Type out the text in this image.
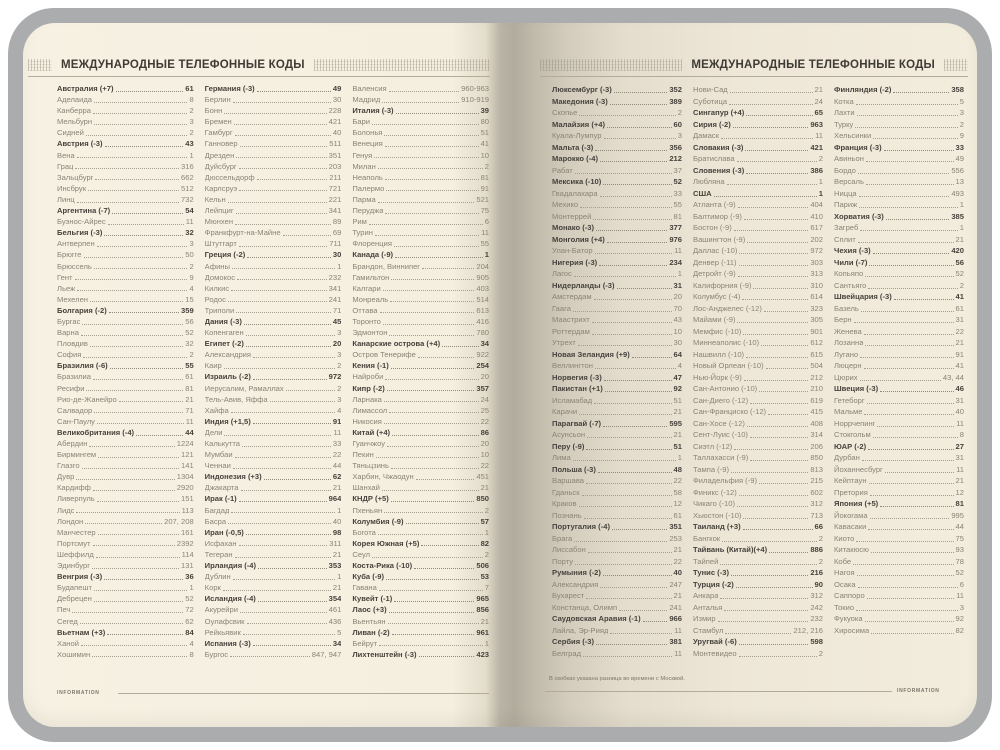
МЕЖДУНАРОДНЫЕ ТЕЛЕФОННЫЕ КОДЫ	МЕЖДУНАРОДНЫЕ ТЕЛЕФОННЫЕ КОДЫ
Австралия (+7)	61
Аделаида	8
Канберра	2
Мельбурн	3
Сидней	2
Австрия (-3)	43
Вена	1
Грац	316
Зальцбург	662
Инсбрук	512
Линц	732
Аргентина (-7)	54
Буэнос-Айрес	11
Бельгия (-3)	32
Антверпен	3
Брюгге	50
Брюссель	2
Гент	9
Льеж	4
Мехелен	15
Болгария (-2)	359
Бургас	56
Варна	52
Пловдив	32
София	2
Бразилия (-6)	55
Бразилиа	61
Ресифи	81
Рио-де-Жанейро	21
Салвадор	71
Сан-Паулу	11
Великобритания (-4)	44
Абердин	1224
Бирмингем	121
Глазго	141
Дувр	1304
Кардифф	2920
Ливерпуль	151
Лидс	113
Лондон	207, 208
Манчестер	161
Портсмут	2392
Шеффилд	114
Эдинбург	131
Венгрия (-3)	36
Будапешт	1
Дебрецен	52
Печ	72
Сегед	62
Вьетнам (+3)	84
Ханой	4
Хошимин	8
Германия (-3)	49
Берлин	30
Бонн	228
Бремен	421
Гамбург	40
Ганновер	511
Дрезден	351
Дуйсбург	203
Дюссельдорф	211
Карлсруэ	721
Кельн	221
Лейпциг	341
Мюнхен	89
Франкфурт-на-Майне	69
Штутгарт	711
Греция (-2)	30
Афины	1
Домокос	232
Килкис	341
Родос	241
Триполи	71
Дания (-3)	45
Копенгаген	3
Египет (-2)	20
Александрия	3
Каир	2
Израиль (-2)	972
Иерусалим, Рамаллах	2
Тель-Авив, Яффа	3
Хайфа	4
Индия (+1,5)	91
Дели	11
Калькутта	33
Мумбаи	22
Ченнаи	44
Индонезия (+3)	62
Джакарта	21
Ирак (-1)	964
Багдад	1
Басра	40
Иран (-0,5)	98
Исфахан	311
Тегеран	21
Ирландия (-4)	353
Дублин	1
Корк	21
Исландия (-4)	354
Акурейри	461
Оулафсвик	436
Рейкьявик	5
Испания (-3)	34
Бургос	847, 947
Валенсия	960-963
Мадрид	910-919
Италия (-3)	39
Бари	80
Болонья	51
Венеция	41
Генуя	10
Милан	2
Неаполь	81
Палермо	91
Парма	521
Перуджа	75
Рим	6
Турин	11
Флоренция	55
Канада (-9)	1
Брандон, Виннипег	204
Гамильтон	905
Калгари	403
Монреаль	514
Оттава	613
Торонто	416
Эдмонтон	780
Канарские острова (+4)	34
Остров Тенерифе	922
Кения (-1)	254
Найроби	20
Кипр (-2)	357
Ларнака	24
Лимассол	25
Никосия	22
Китай (+4)	86
Гуанчжоу	20
Пекин	10
Тяньцзинь	22
Харбин, Чжаодун	451
Шанхай	21
КНДР (+5)	850
Пхеньян	2
Колумбия (-9)	57
Богота	1
Корея Южная (+5)	82
Сеул	2
Коста-Рика (-10)	506
Куба (-9)	53
Гавана	7
Кувейт (-1)	965
Лаос (+3)	856
Вьентьян	21
Ливан (-2)	961
Бейрут	1
Лихтенштейн (-3)	423
Люксембург (-3)	352
Македония (-3)	389
Скопье	2
Малайзия (+4)	60
Куала-Лумпур	3
Мальта (-3)	356
Марокко (-4)	212
Рабат	37
Мексика (-10)	52
Гвадалахара	33
Мехико	55
Монтеррей	81
Монако (-3)	377
Монголия (+4)	976
Улан-Батор	11
Нигерия (-3)	234
Лагос	1
Нидерланды (-3)	31
Амстердам	20
Гаага	70
Маастрихт	43
Роттердам	10
Утрехт	30
Новая Зеландия (+9)	64
Веллингтон	4
Норвегия (-3)	47
Пакистан (+1)	92
Исламабад	51
Карачи	21
Парагвай (-7)	595
Асунсьон	21
Перу (-9)	51
Лима	1
Польша (-3)	48
Варшава	22
Гданьск	58
Краков	12
Познань	61
Португалия (-4)	351
Брага	253
Лиссабон	21
Порту	22
Румыния (-2)	40
Александрия	247
Бухарест	21
Констанца, Олимп	241
Саудовская Аравия (-1)	966
Лайла, Эр-Рияд	11
Сербия (-3)	381
Белград	11
Нови-Сад	21
Суботица	24
Сингапур (+4)	65
Сирия (-2)	963
Дамаск	11
Словакия (-3)	421
Братислава	2
Словения (-3)	386
Любляна	1
США	1
Атланта (-9)	404
Балтимор (-9)	410
Бостон (-9)	617
Вашингтон (-9)	202
Даллас (-10)	972
Денвер (-11)	303
Детройт (-9)	313
Калифорния (-9)	310
Колумбус (-4)	614
Лос-Анджелес (-12)	323
Майами (-9)	305
Мемфис (-10)	901
Миннеаполис (-10)	612
Нашвилл (-10)	615
Новый Орлеан (-10)	504
Нью-Йорк (-9)	212
Сан-Антонио (-10)	210
Сан-Диего (-12)	619
Сан-Франциско (-12)	415
Сан-Хосе (-12)	408
Сент-Луис (-10)	314
Сиэтл (-12)	206
Таллахасси (-9)	850
Тампа (-9)	813
Филадельфия (-9)	215
Финикс (-12)	602
Чикаго (-10)	312
Хьюстон (-10)	713
Таиланд (+3)	66
Бангкок	2
Тайвань (Китай)(+4)	886
Тайпей	2
Тунис (-3)	216
Турция (-2)	90
Анкара	312
Анталья	242
Измир	232
Стамбул	212, 216
Уругвай (-6)	598
Монтевидео	2
Финляндия (-2)	358
Котка	5
Лахти	3
Турку	2
Хельсинки	9
Франция (-3)	33
Авиньон	49
Бордо	556
Версаль	13
Ницца	493
Париж	1
Хорватия (-3)	385
Загреб	1
Сплит	21
Чехия (-3)	420
Чили (-7)	56
Копьяпо	52
Сантьяго	2
Швейцария (-3)	41
Базель	61
Берн	31
Женева	22
Лозанна	21
Лугано	91
Люцерн	41
Цюрих	43, 44
Швеция (-3)	46
Гетеборг	31
Мальме	40
Норрчепинг	11
Стокгольм	8
ЮАР (-2)	27
Дурбан	31
Йоханнесбург	11
Кейптаун	21
Претория	12
Япония (+5)	81
Йокогама	995
Кавасаки	44
Киото	75
Китакюсю	93
Кобе	78
Нагоя	52
Осака	6
Саппоро	11
Токио	3
Фукуока	92
Хиросима	82
INFORMATION
В скобках указана разница во времени с Москвой.
INFORMATION
